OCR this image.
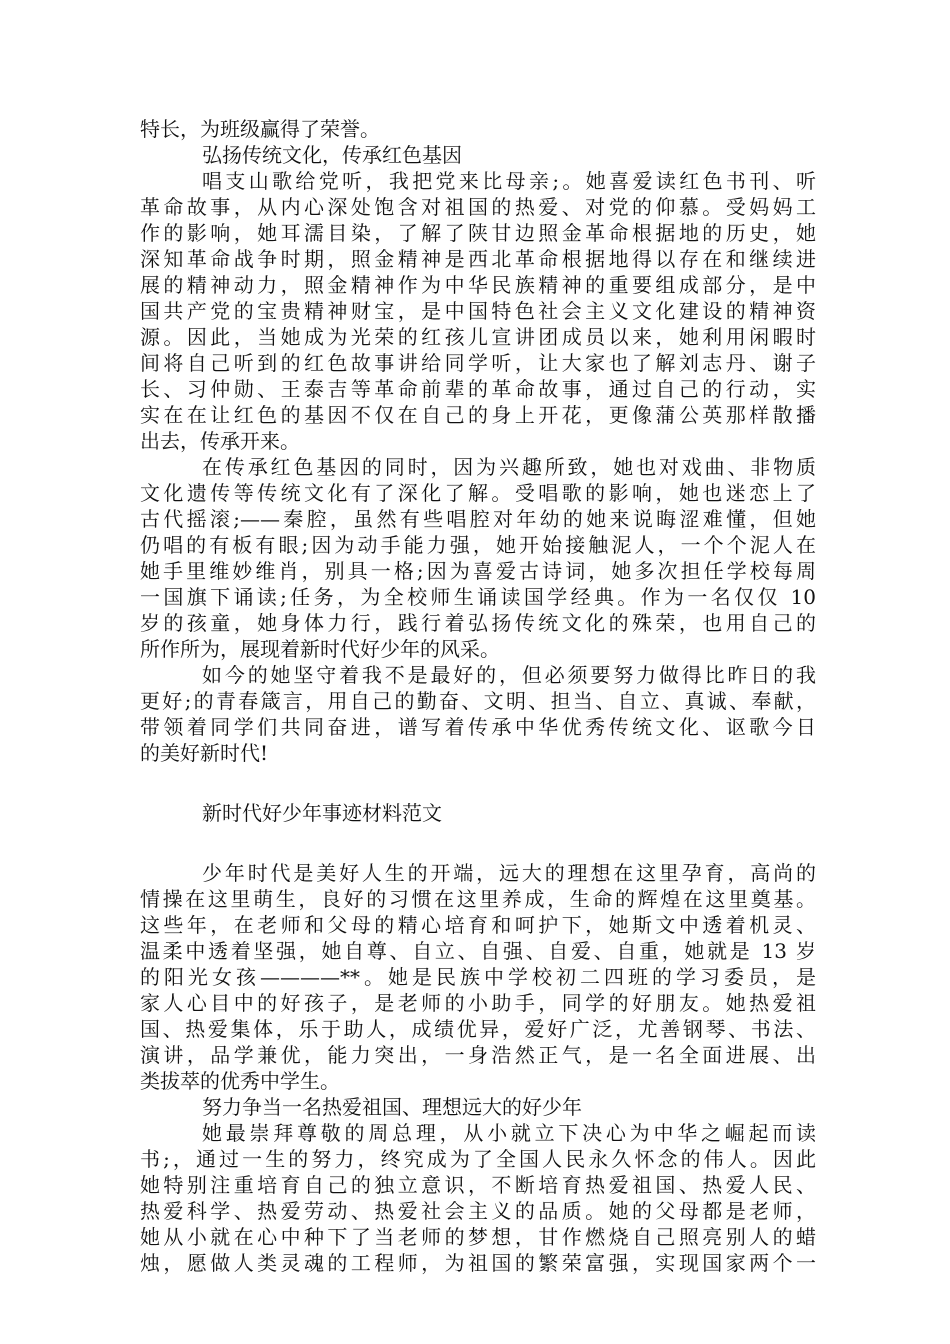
特长，为班级赢得了荣誉。
弘扬传统文化，传承红色基因
唱支山歌给党听，我把党来比母亲;。她喜爱读红色书刊、听
革命故事，从内心深处饱含对祖国的热爱、对党的仰慕。受妈妈工
作的影响，她耳濡目染，了解了陕甘边照金革命根据地的历史，她
深知革命战争时期，照金精神是西北革命根据地得以存在和继续进
展的精神动力，照金精神作为中华民族精神的重要组成部分，是中
国共产党的宝贵精神财宝，是中国特色社会主义文化建设的精神资
源。因此，当她成为光荣的红孩儿宣讲团成员以来，她利用闲暇时
间将自己听到的红色故事讲给同学听，让大家也了解刘志丹、谢子
长、习仲勋、王泰吉等革命前辈的革命故事，通过自己的行动，实
实在在让红色的基因不仅在自己的身上开花，更像蒲公英那样散播
出去，传承开来。
在传承红色基因的同时，因为兴趣所致，她也对戏曲、非物质
文化遗传等传统文化有了深化了解。受唱歌的影响，她也迷恋上了
古代摇滚;——秦腔，虽然有些唱腔对年幼的她来说晦涩难懂，但她
仍唱的有板有眼;因为动手能力强，她开始接触泥人，一个个泥人在
她手里维妙维肖，别具一格;因为喜爱古诗词，她多次担任学校每周
一国旗下诵读;任务，为全校师生诵读国学经典。作为一名仅仅 10
岁的孩童，她身体力行，践行着弘扬传统文化的殊荣，也用自己的
所作所为，展现着新时代好少年的风采。
如今的她坚守着我不是最好的，但必须要努力做得比昨日的我
更好;的青春箴言，用自己的勤奋、文明、担当、自立、真诚、奉献，
带领着同学们共同奋进，谱写着传承中华优秀传统文化、讴歌今日
的美好新时代!
新时代好少年事迹材料范文
少年时代是美好人生的开端，远大的理想在这里孕育，高尚的
情操在这里萌生，良好的习惯在这里养成，生命的辉煌在这里奠基。
这些年，在老师和父母的精心培育和呵护下，她斯文中透着机灵、
温柔中透着坚强，她自尊、自立、自强、自爱、自重，她就是 13 岁
的阳光女孩————**。她是民族中学校初二四班的学习委员，是
家人心目中的好孩子，是老师的小助手，同学的好朋友。她热爱祖
国、热爱集体，乐于助人，成绩优异，爱好广泛，尤善钢琴、书法、
演讲，品学兼优，能力突出，一身浩然正气，是一名全面进展、出
类拔萃的优秀中学生。
努力争当一名热爱祖国、理想远大的好少年
她最崇拜尊敬的周总理，从小就立下决心为中华之崛起而读
书;，通过一生的努力，终究成为了全国人民永久怀念的伟人。因此
她特别注重培育自己的独立意识，不断培育热爱祖国、热爱人民、
热爱科学、热爱劳动、热爱社会主义的品质。她的父母都是老师，
她从小就在心中种下了当老师的梦想，甘作燃烧自己照亮别人的蜡
烛，愿做人类灵魂的工程师，为祖国的繁荣富强，实现国家两个一
